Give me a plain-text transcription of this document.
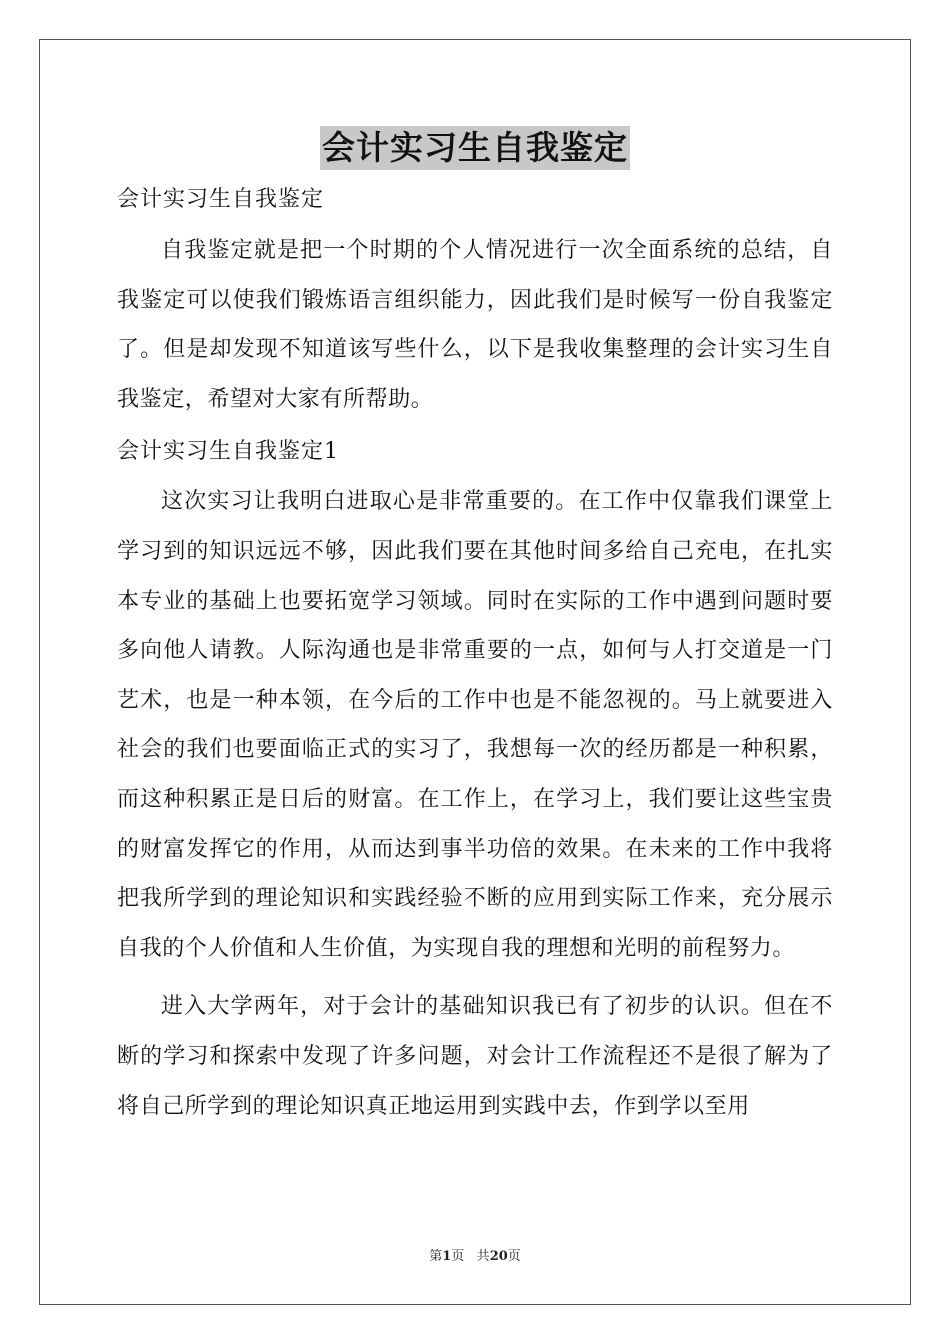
会计实习生自我鉴定

会计实习生自我鉴定

自我鉴定就是把一个时期的个人情况进行一次全面系统的总结，自我鉴定可以使我们锻炼语言组织能力，因此我们是时候写一份自我鉴定了。但是却发现不知道该写些什么，以下是我收集整理的会计实习生自我鉴定，希望对大家有所帮助。

会计实习生自我鉴定1

这次实习让我明白进取心是非常重要的。在工作中仅靠我们课堂上学习到的知识远远不够，因此我们要在其他时间多给自己充电，在扎实本专业的基础上也要拓宽学习领域。同时在实际的工作中遇到问题时要多向他人请教。人际沟通也是非常重要的一点，如何与人打交道是一门艺术，也是一种本领，在今后的工作中也是不能忽视的。马上就要进入社会的我们也要面临正式的实习了，我想每一次的经历都是一种积累，而这种积累正是日后的财富。在工作上，在学习上，我们要让这些宝贵的财富发挥它的作用，从而达到事半功倍的效果。在未来的工作中我将把我所学到的理论知识和实践经验不断的应用到实际工作来，充分展示自我的个人价值和人生价值，为实现自我的理想和光明的前程努力。

进入大学两年，对于会计的基础知识我已有了初步的认识。但在不断的学习和探索中发现了许多问题，对会计工作流程还不是很了解为了将自己所学到的理论知识真正地运用到实践中去，作到学以至用

第1页 共20页
